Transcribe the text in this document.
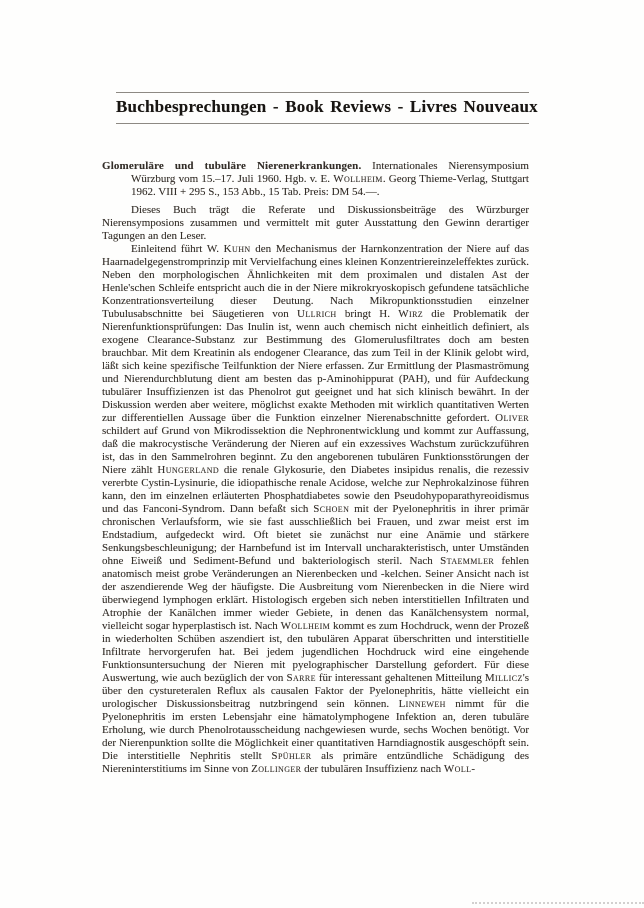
Buchbesprechungen - Book Reviews - Livres Nouveaux

Glomeruläre und tubuläre Nierenerkrankungen. Internationales Nierensymposium Würzburg vom 15.–17. Juli 1960. Hgb. v. E. Wollheim. Georg Thieme-Verlag, Stuttgart 1962. VIII + 295 S., 153 Abb., 15 Tab. Preis: DM 54.—.

Dieses Buch trägt die Referate und Diskussionsbeiträge des Würzburger Nierensymposions zusammen und vermittelt mit guter Ausstattung den Gewinn derartiger Tagungen an den Leser.

Einleitend führt W. Kuhn den Mechanismus der Harnkonzentration der Niere auf das Haarnadelgegenstromprinzip mit Vervielfachung eines kleinen Konzentriereinzeleffektes zurück. Neben den morphologischen Ähnlichkeiten mit dem proximalen und distalen Ast der Henle'schen Schleife entspricht auch die in der Niere mikrokryoskopisch gefundene tatsächliche Konzentrationsverteilung dieser Deutung. Nach Mikropunktionsstudien einzelner Tubulusabschnitte bei Säugetieren von Ullrich bringt H. Wirz die Problematik der Nierenfunktionsprüfungen: Das Inulin ist, wenn auch chemisch nicht einheitlich definiert, als exogene Clearance-Substanz zur Bestimmung des Glomerulusfiltrates doch am besten brauchbar. Mit dem Kreatinin als endogener Clearance, das zum Teil in der Klinik gelobt wird, läßt sich keine spezifische Teilfunktion der Niere erfassen. Zur Ermittlung der Plasmaströmung und Nierendurchblutung dient am besten das p-Aminohippurat (PAH), und für Aufdeckung tubulärer Insuffizienzen ist das Phenolrot gut geeignet und hat sich klinisch bewährt. In der Diskussion werden aber weitere, möglichst exakte Methoden mit wirklich quantitativen Werten zur differentiellen Aussage über die Funktion einzelner Nierenabschnitte gefordert. Oliver schildert auf Grund von Mikrodissektion die Nephronentwicklung und kommt zur Auffassung, daß die makrocystische Veränderung der Nieren auf ein exzessives Wachstum zurückzuführen ist, das in den Sammelrohren beginnt. Zu den angeborenen tubulären Funktionsstörungen der Niere zählt Hungerland die renale Glykosurie, den Diabetes insipidus renalis, die rezessiv vererbte Cystin-Lysinurie, die idiopathische renale Acidose, welche zur Nephrokalzinose führen kann, den im einzelnen erläuterten Phosphatdiabetes sowie den Pseudohypoparathyreoidismus und das Fanconi-Syndrom. Dann befaßt sich Schoen mit der Pyelonephritis in ihrer primär chronischen Verlaufsform, wie sie fast ausschließlich bei Frauen, und zwar meist erst im Endstadium, aufgedeckt wird. Oft bietet sie zunächst nur eine Anämie und stärkere Senkungsbeschleunigung; der Harnbefund ist im Intervall uncharakteristisch, unter Umständen ohne Eiweiß und Sediment-Befund und bakteriologisch steril. Nach Staemmler fehlen anatomisch meist grobe Veränderungen an Nierenbecken und -kelchen. Seiner Ansicht nach ist der aszendierende Weg der häufigste. Die Ausbreitung vom Nierenbecken in die Niere wird überwiegend lymphogen erklärt. Histologisch ergeben sich neben interstitiellen Infiltraten und Atrophie der Kanälchen immer wieder Gebiete, in denen das Kanälchensystem normal, vielleicht sogar hyperplastisch ist. Nach Wollheim kommt es zum Hochdruck, wenn der Prozeß in wiederholten Schüben aszendiert ist, den tubulären Apparat überschritten und interstitielle Infiltrate hervorgerufen hat. Bei jedem jugendlichen Hochdruck wird eine eingehende Funktionsuntersuchung der Nieren mit pyelographischer Darstellung gefordert. Für diese Auswertung, wie auch bezüglich der von Sarre für interessant gehaltenen Mitteilung Millicz's über den cystureteralen Reflux als causalen Faktor der Pyelonephritis, hätte vielleicht ein urologischer Diskussionsbeitrag nutzbringend sein können. Linneweh nimmt für die Pyelonephritis im ersten Lebensjahr eine hämatolymphogene Infektion an, deren tubuläre Erholung, wie durch Phenolrotausscheidung nachgewiesen wurde, sechs Wochen benötigt. Vor der Nierenpunktion sollte die Möglichkeit einer quantitativen Harndiagnostik ausgeschöpft sein. Die interstitielle Nephritis stellt Spühler als primäre entzündliche Schädigung des Niereninterstitiums im Sinne von Zollinger der tubulären Insuffizienz nach Woll-
